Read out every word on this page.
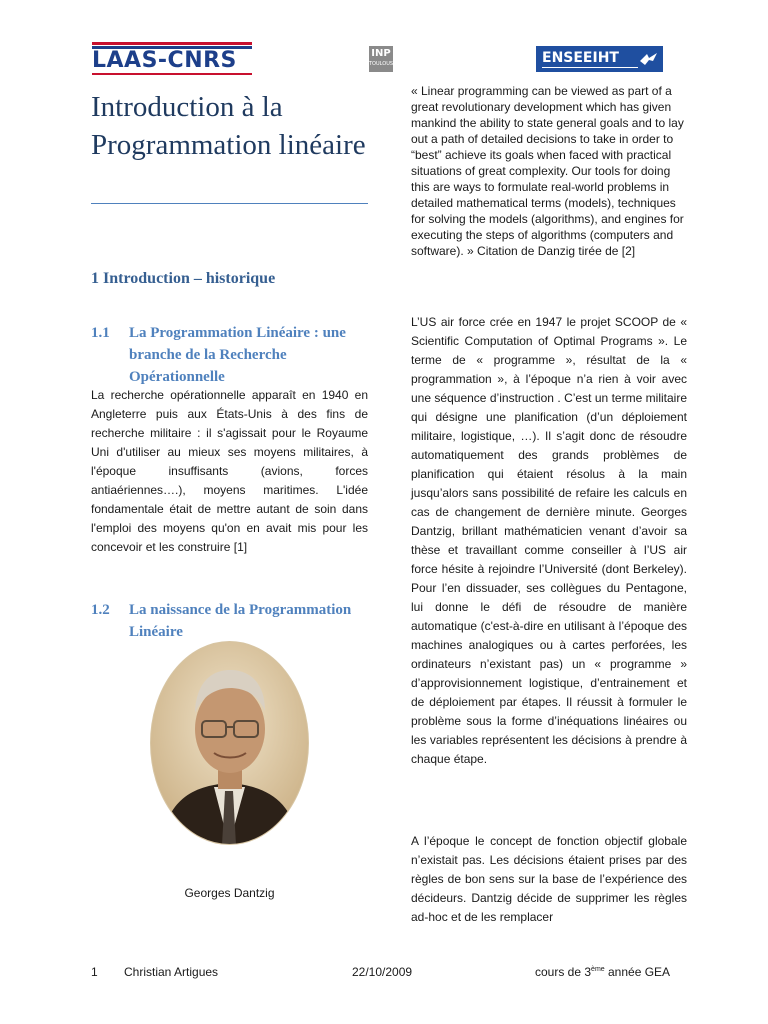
LAAS-CNRS	INP
TOULOUSE	ENSEEIHT
Introduction à la Programmation linéaire
1 Introduction – historique
1.1	La Programmation Linéaire : une branche de la Recherche Opérationnelle
La recherche opérationnelle apparaît en 1940 en Angleterre puis aux États-Unis à des fins de recherche militaire : il s'agissait pour le Royaume Uni d'utiliser au mieux ses moyens militaires, à l'époque insuffisants (avions, forces antiaériennes….), moyens maritimes. L'idée fondamentale était de mettre autant de soin dans l'emploi des moyens qu'on en avait mis pour les concevoir et les construire [1]
1.2	La naissance de la Programmation Linéaire
Georges Dantzig
« Linear programming can be viewed as part of a great revolutionary development which has given mankind the ability to state general goals and to lay out a path of detailed decisions to take in order to “best” achieve its goals when faced with practical situations of great complexity. Our tools for doing this are ways to formulate real-world problems in detailed mathematical terms (models), techniques for solving the models (algorithms), and engines for executing the steps of algorithms (computers and software). » Citation de Danzig tirée de [2]
L’US air force crée en 1947 le projet SCOOP de « Scientific Computation of Optimal Programs ». Le terme de « programme », résultat de la « programmation », à l’époque n’a rien à voir avec une séquence d’instruction . C’est un terme militaire qui désigne une planification (d’un déploiement militaire, logistique, …). Il s’agit donc de résoudre automatiquement des grands problèmes de planification qui étaient résolus à la main jusqu’alors sans possibilité de refaire les calculs en cas de changement de dernière minute. Georges Dantzig, brillant mathématicien venant d’avoir sa thèse et travaillant comme conseiller à l’US air force hésite à rejoindre l’Université (dont Berkeley). Pour l’en dissuader, ses collègues du Pentagone, lui donne le défi de résoudre de manière automatique (c'est-à-dire en utilisant à l’époque des machines analogiques ou à cartes perforées, les ordinateurs n’existant pas) un « programme » d’approvisionnement logistique, d’entrainement et de déploiement par étapes. Il réussit à formuler le problème sous la forme d’inéquations linéaires ou les variables représentent les décisions à prendre à chaque étape.
A l’époque le concept de fonction objectif globale n’existait pas. Les décisions étaient prises par des règles de bon sens sur la base de l’expérience des décideurs. Dantzig décide de supprimer les règles ad-hoc et de les remplacer
1 Christian Artigues	22/10/2009	cours de 3ème année GEA
